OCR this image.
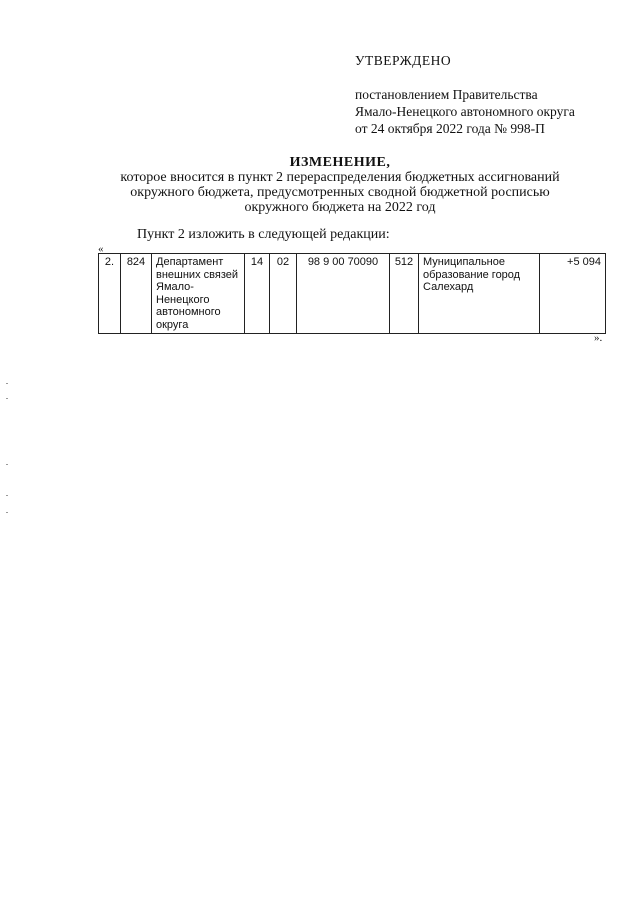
УТВЕРЖДЕНО
постановлением Правительства
Ямало-Ненецкого автономного округа
от 24 октября 2022 года № 998-П
ИЗМЕНЕНИЕ,
которое вносится в пункт 2 перераспределения бюджетных ассигнований
окружного бюджета, предусмотренных сводной бюджетной росписью
окружного бюджета на 2022 год
Пункт 2 изложить в следующей редакции:
«
2.	824	Департамент внешних связей Ямало-Ненецкого автономного округа	14	02	98 9 00 70090	512	Муниципальное образование город Салехард	+5 094
».
